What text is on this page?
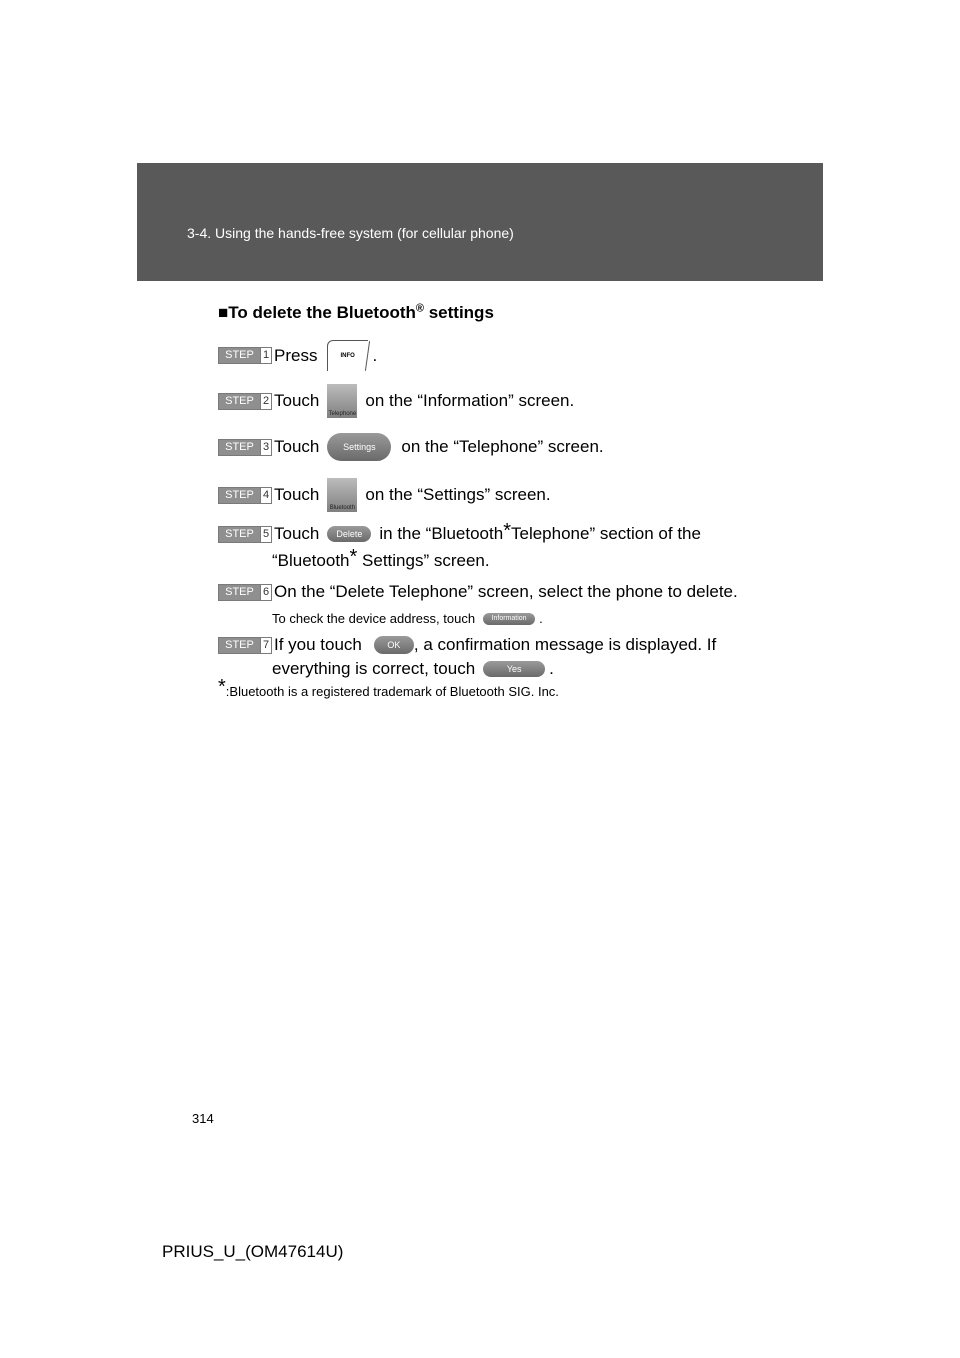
3-4. Using the hands-free system (for cellular phone)
■To delete the Bluetooth® settings
STEP 1 Press	INFO .
STEP 2 Touch
Telephone
on the “Information” screen.
STEP 3 Touch	Settings	on the “Telephone” screen.
STEP 4 Touch
Bluetooth
on the “Settings” screen.
STEP 5 Touch	Delete	in the “Bluetooth * Telephone” section of the
“Bluetooth* Settings” screen.
STEP 6 On the “Delete Telephone” screen, select the phone to delete.
To check the device address, touch	Information .
STEP 7 If you touch	OK , a confirmation message is displayed. If
everything is correct, touch	Yes	.
*:Bluetooth is a registered trademark of Bluetooth SIG. Inc.
314
PRIUS_U_(OM47614U)
